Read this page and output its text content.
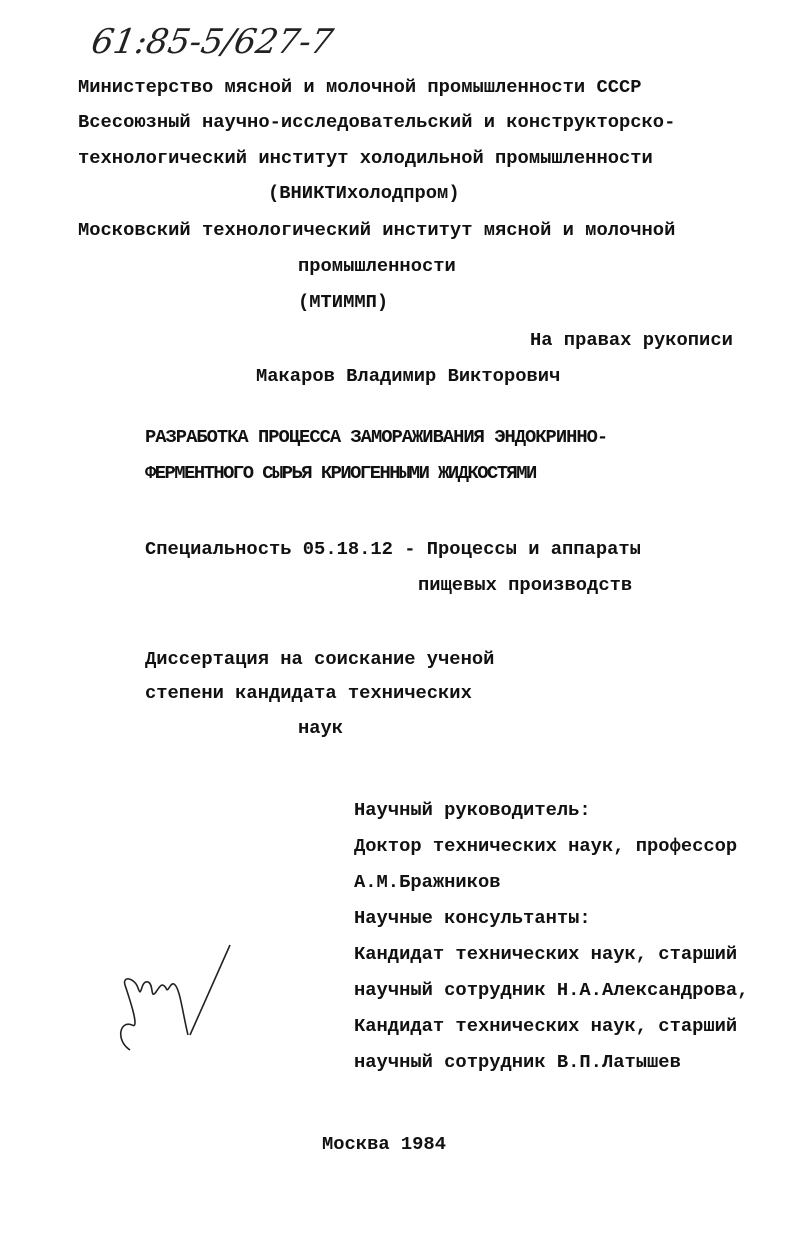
61:85-5/627-7
Министерство мясной и молочной промышленности СССР
Всесоюзный научно-исследовательский и конструкторско-
технологический институт холодильной промышленности
(ВНИКТИхолодпром)
Московский технологический институт мясной и молочной
промышленности
(МТИММП)
На правах рукописи
Макаров Владимир Викторович
РАЗРАБОТКА ПРОЦЕССА ЗАМОРАЖИВАНИЯ ЭНДОКРИННО-
ФЕРМЕНТНОГО СЫРЬЯ КРИОГЕННЫМИ ЖИДКОСТЯМИ
Специальность 05.18.12 - Процессы и аппараты
пищевых производств
Диссертация на соискание ученой
степени кандидата технических
наук
Научный руководитель:
Доктор технических наук, профессор
А.М.Бражников
Научные консультанты:
Кандидат технических наук, старший
научный сотрудник Н.А.Александрова,
Кандидат технических наук, старший
научный сотрудник В.П.Латышев
Москва 1984
